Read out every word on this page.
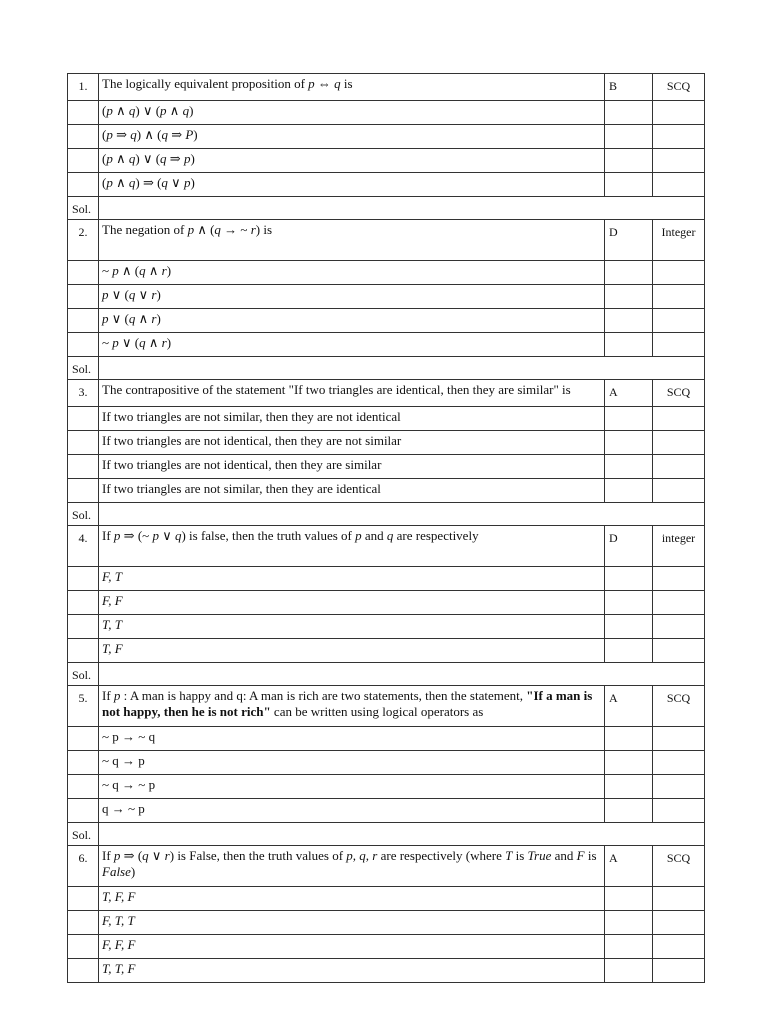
1.	The logically equivalent proposition of p ⇔ q is	B	SCQ
	(p ∧ q) ∨ (p ∧ q)		
	(p ⇒ q) ∧ (q ⇒ P)		
	(p ∧ q) ∨ (q ⇒ p)		
	(p ∧ q) ⇒ (q ∨ p)		
Sol.			
2.	The negation of p ∧ (q → ~ r) is	D	Integer
	~ p ∧ (q ∧ r)		
	p ∨ (q ∨ r)		
	p ∨ (q ∧ r)		
	~ p ∨ (q ∧ r)		
Sol.			
3.	The contrapositive of the statement "If two triangles are identical, then they are similar" is	A	SCQ
	If two triangles are not similar, then they are not identical		
	If two triangles are not identical, then they are not similar		
	If two triangles are not identical, then they are similar		
	If two triangles are not similar, then they are identical		
Sol.			
4.	If p ⇒ (~ p ∨ q) is false, then the truth values of p and q are respectively	D	integer
	F, T		
	F, F		
	T, T		
	T, F		
Sol.			
5.	If p : A man is happy and q: A man is rich are two statements, then the statement, "If a man is not happy, then he is not rich" can be written using logical operators as	A	SCQ
	~ p → ~ q		
	~ q → p		
	~ q → ~ p		
	q → ~ p		
Sol.			
6.	If p ⇒ (q ∨ r) is False, then the truth values of p, q, r are respectively (where T is True and F is False)	A	SCQ
	T, F, F		
	F, T, T		
	F, F, F		
	T, T, F		
